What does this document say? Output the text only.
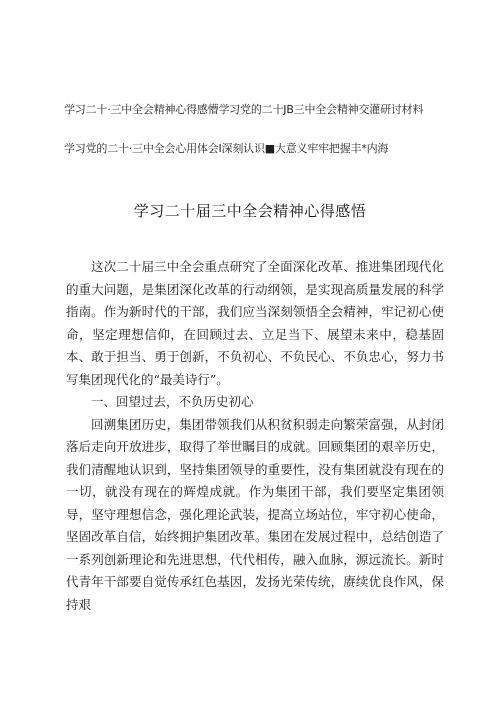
学习二十·三中全会精神心得感懵学习党的二十JB三中全会精神交灌研讨材料
学习党的二十·三中全会心用体会Ⅰ深刻认识■大意义牢牢把握丰*内海
学习二十届三中全会精神心得感悟

这次二十届三中全会重点研究了全面深化改革、推进集团现代化的重大问题，是集团深化改革的行动纲领，是实现高质量发展的科学指南。作为新时代的干部，我们应当深刻领悟全会精神，牢记初心使命，坚定理想信仰，在回顾过去、立足当下、展望未来中，稳基固本、敢于担当、勇于创新，不负初心、不负民心、不负忠心，努力书写集团现代化的“最美诗行”。

一、回望过去，不负历史初心

回溯集团历史，集团带领我们从积贫积弱走向繁荣富强，从封闭落后走向开放进步，取得了举世瞩目的成就。回顾集团的艰辛历史，我们清醒地认识到，坚持集团领导的重要性，没有集团就没有现在的一切，就没有现在的辉煌成就。作为集团干部，我们要坚定集团领导，坚守理想信念，强化理论武装，提高立场站位，牢守初心使命，坚固改革自信，始终拥护集团改革。集团在发展过程中，总结创造了一系列创新理论和先进思想，代代相传，融入血脉，源远流长。新时代青年干部要自觉传承红色基因，发扬光荣传统，赓续优良作风，保持艰
